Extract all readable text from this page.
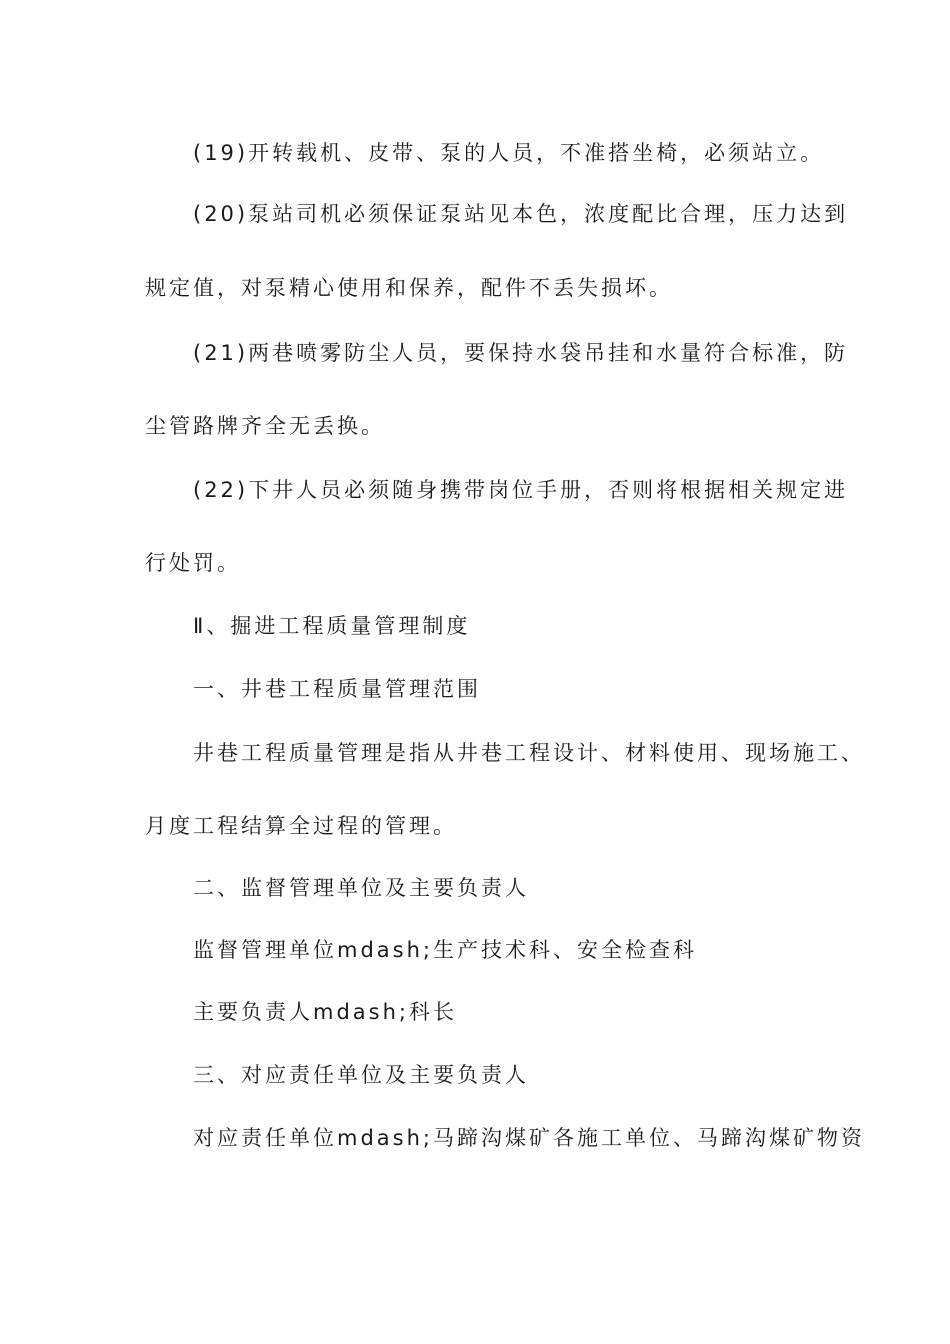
(19)开转载机、皮带、泵的人员，不准搭坐椅，必须站立。
(20)泵站司机必须保证泵站见本色，浓度配比合理，压力达到
规定值，对泵精心使用和保养，配件不丢失损坏。
(21)两巷喷雾防尘人员，要保持水袋吊挂和水量符合标准，防
尘管路牌齐全无丢换。
(22)下井人员必须随身携带岗位手册，否则将根据相关规定进
行处罚。
Ⅱ、掘进工程质量管理制度
一、井巷工程质量管理范围
井巷工程质量管理是指从井巷工程设计、材料使用、现场施工、
月度工程结算全过程的管理。
二、监督管理单位及主要负责人
监督管理单位mdash;生产技术科、安全检查科
主要负责人mdash;科长
三、对应责任单位及主要负责人
对应责任单位mdash;马蹄沟煤矿各施工单位、马蹄沟煤矿物资
